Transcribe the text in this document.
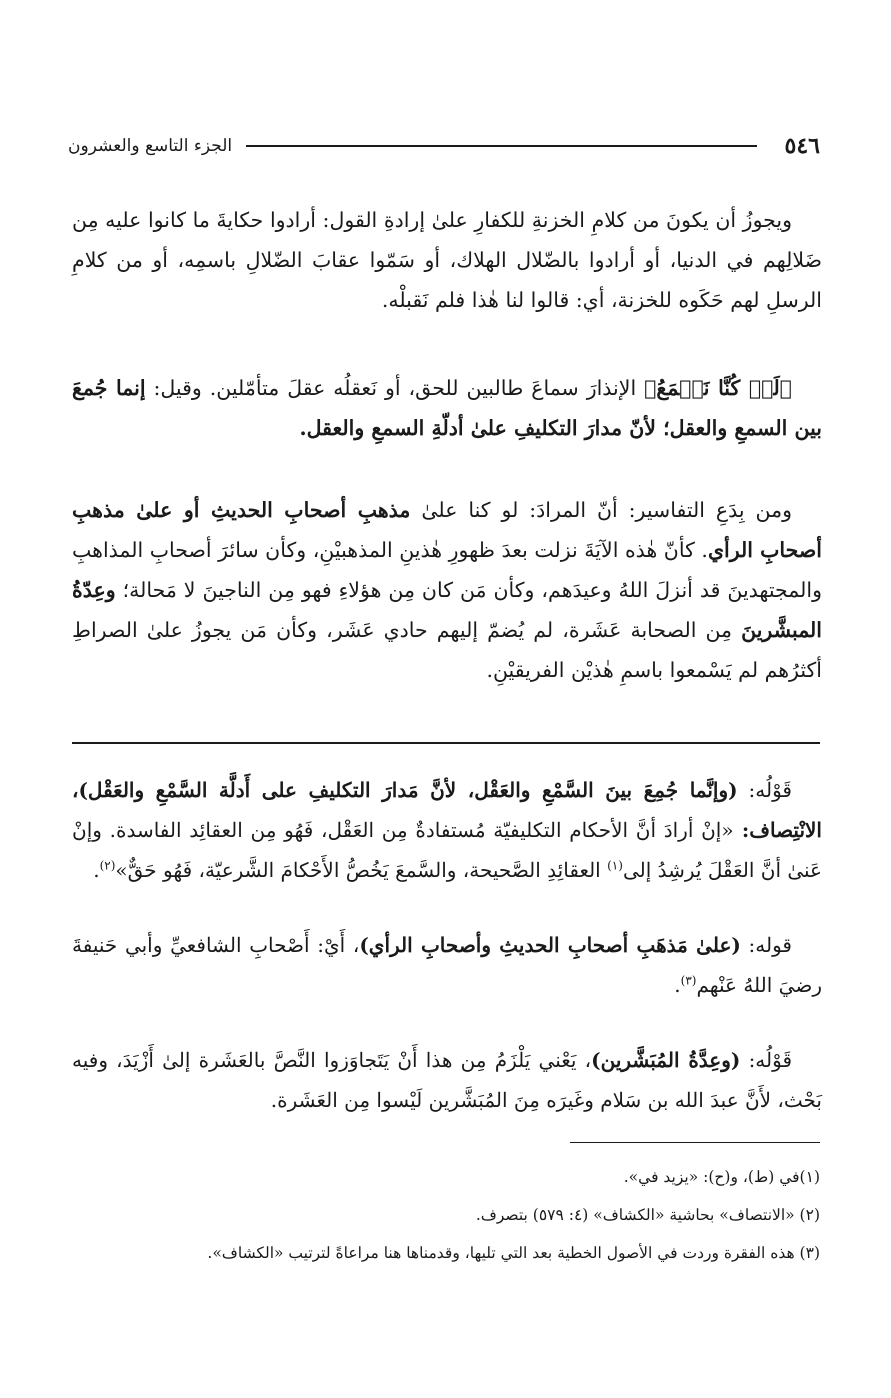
٥٤٦
الجزء التاسع والعشرون

ويجوزُ أن يكونَ من كلامِ الخزنةِ للكفارِ علىٰ إرادةِ القول: أرادوا حكايةَ ما كانوا عليه مِن ضَلالِهم في الدنيا، أو أرادوا بالضّلال الهلاك، أو سَمّوا عقابَ الضّلالِ باسمِه، أو من كلامِ الرسلِ لهم حَكَوه للخزنة، أي: قالوا لنا هٰذا فلم نَقبلْه.

﴿لَوۡ كُنَّا نَسۡمَعُ﴾ الإنذارَ سماعَ طالبين للحق، أو نَعقلُه عقلَ متأمّلين. وقيل: إنما جُمعَ بين السمعِ والعقل؛ لأنّ مدارَ التكليفِ علىٰ أدلّةِ السمعِ والعقل.

ومن بِدَعِ التفاسير: أنّ المرادَ: لو كنا علىٰ مذهبِ أصحابِ الحديثِ أو علىٰ مذهبِ أصحابِ الرأي. كأنّ هٰذه الآيَةَ نزلت بعدَ ظهورِ هٰذينِ المذهبيْنِ، وكأن سائرَ أصحابِ المذاهبِ والمجتهدينَ قد أنزلَ اللهُ وعيدَهم، وكأن مَن كان مِن هؤلاءِ فهو مِن الناجينَ لا مَحالة؛ وعِدّةُ المبشَّرينَ مِن الصحابة عَشَرة، لم يُضمّ إليهم حادي عَشَر، وكأن مَن يجوزُ علىٰ الصراطِ أكثرُهم لم يَسْمعوا باسمِ هٰذيْن الفريقيْنِ.

قَوْلُه: (وإنَّما جُمِعَ بينَ السَّمْعِ والعَقْل، لأنَّ مَدارَ التكليفِ على أَدلَّة السَّمْعِ والعَقْل)، الانْتِصاف: «إنْ أرادَ أنَّ الأحكام التكليفيّة مُستفادةٌ مِن العَقْل، فَهُو مِن العقائِد الفاسدة. وإنْ عَنىٰ أنَّ العَقْلَ يُرشِدُ إلى$^{(١)}$ العقائِدِ الصَّحيحة، والسَّمعَ يَخُصُّ الأَحْكامَ الشَّرعيّة، فَهُو حَقٌّ»$^{(٢)}$.

قوله: (علىٰ مَذهَبِ أصحابِ الحديثِ وأصحابِ الرأي)، أَيْ: أَصْحابِ الشافعيِّ وأبي حَنيفةَ رضيَ اللهُ عَنْهم$^{(٣)}$.

قَوْلُه: (وعِدَّةُ المُبَشَّرين)، يَعْني يَلْزَمُ مِن هذا أَنْ يَتَجاوَزوا النَّصَّ بالعَشَرة إلىٰ أَزْيَدَ، وفيه بَحْث، لأَنَّ عبدَ الله بن سَلام وغَيرَه مِنَ المُبَشَّرين لَيْسوا مِن العَشَرة.

(١)في (ط)، و(ح): «يزيد في».
(٢) «الانتصاف» بحاشية «الكشاف» (٤: ٥٧٩) بتصرف.
(٣) هذه الفقرة وردت في الأصول الخطية بعد التي تليها، وقدمناها هنا مراعاةً لترتيب «الكشاف».
